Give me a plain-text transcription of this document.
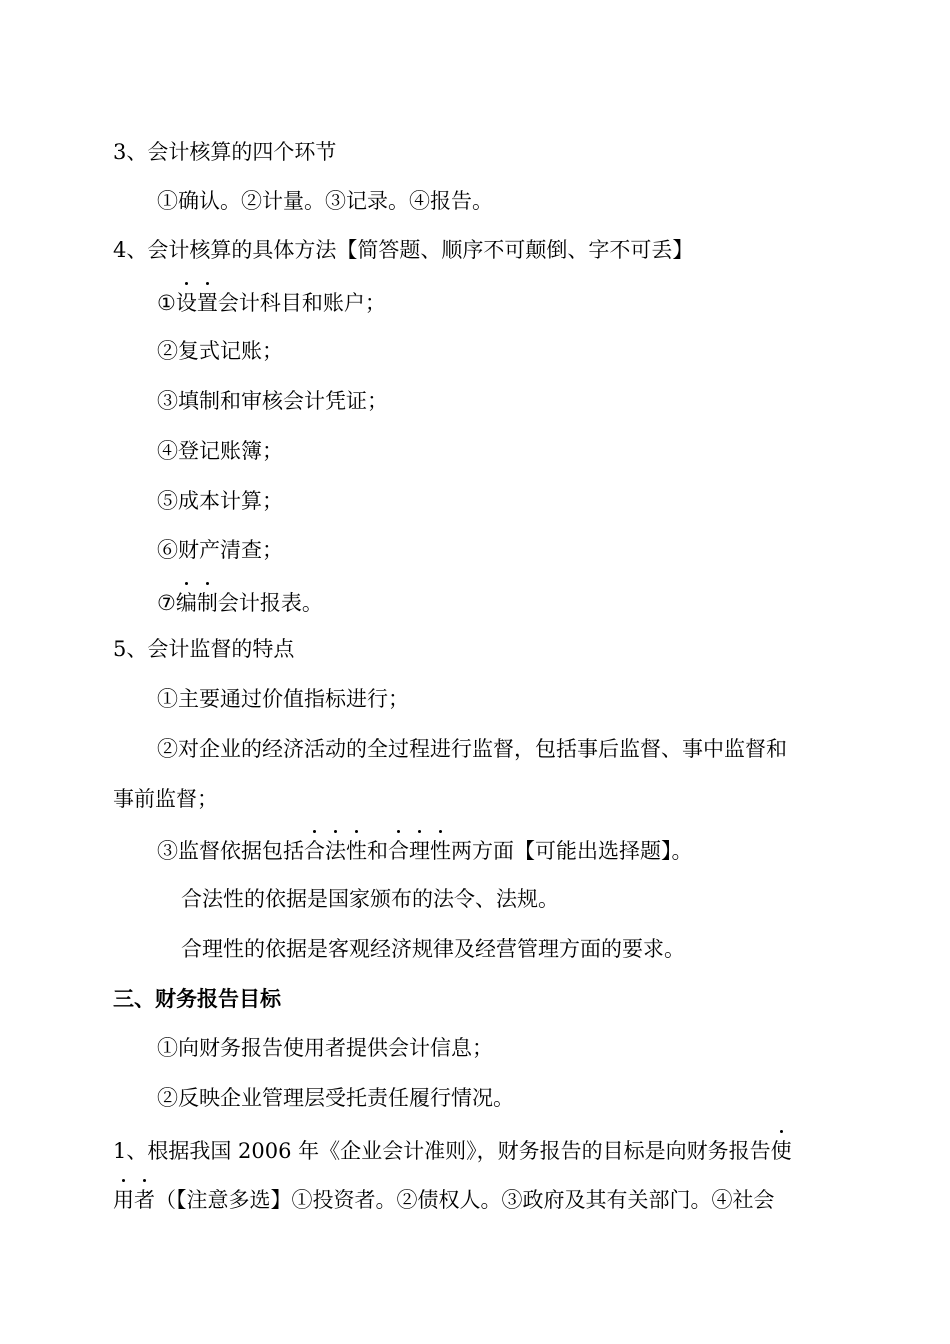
3、会计核算的四个环节
①确认。②计量。③记录。④报告。
4、会计核算的具体方法【简答题、顺序不可颠倒、字不可丢】
①设置会计科目和账户；
②复式记账；
③填制和审核会计凭证；
④登记账簿；
⑤成本计算；
⑥财产清查；
⑦编制会计报表。
5、会计监督的特点
①主要通过价值指标进行；
②对企业的经济活动的全过程进行监督，包括事后监督、事中监督和
事前监督；
③监督依据包括合法性和合理性两方面【可能出选择题】。
合法性的依据是国家颁布的法令、法规。
合理性的依据是客观经济规律及经营管理方面的要求。
三、财务报告目标
①向财务报告使用者提供会计信息；
②反映企业管理层受托责任履行情况。
1、根据我国 2006 年《企业会计准则》，财务报告的目标是向财务报告使
用者（【注意多选】①投资者。②债权人。③政府及其有关部门。④社会
